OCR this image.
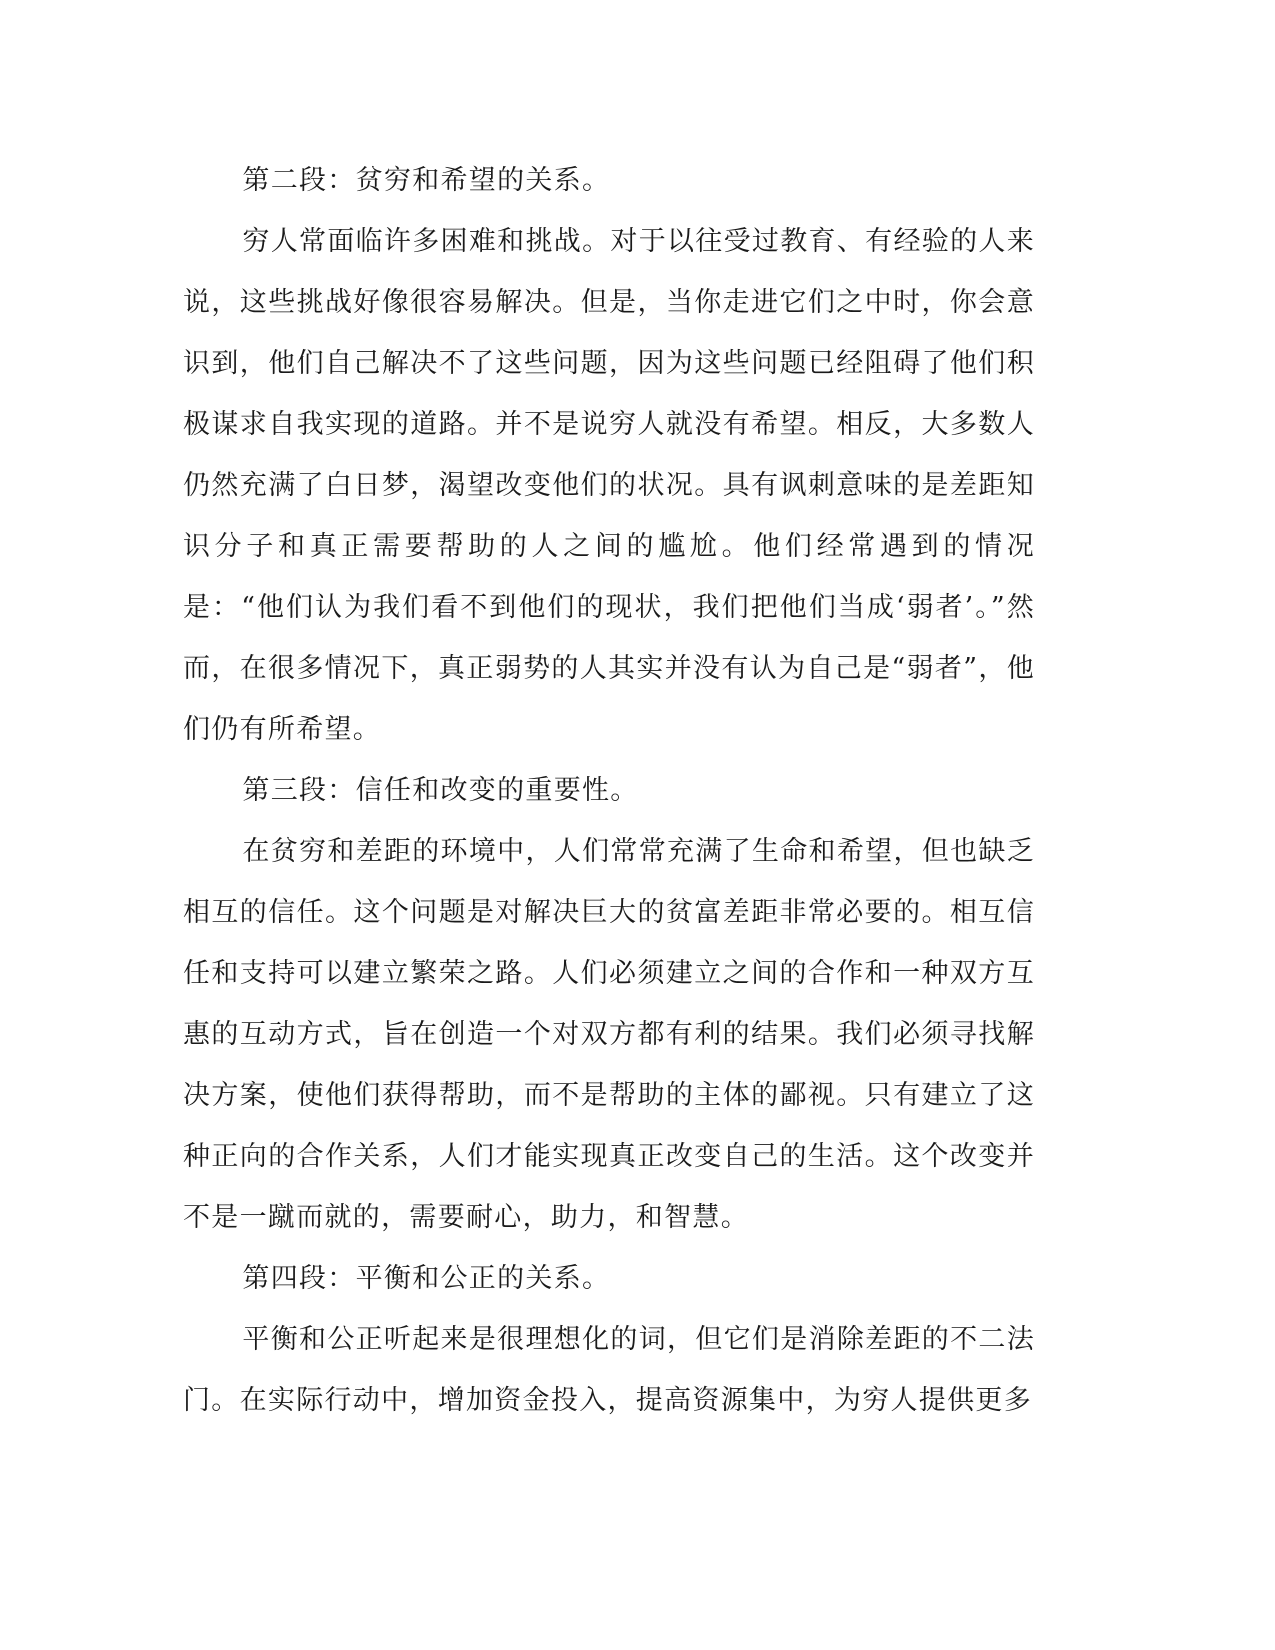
第二段：贫穷和希望的关系。

穷人常面临许多困难和挑战。对于以往受过教育、有经验的人来说，这些挑战好像很容易解决。但是，当你走进它们之中时，你会意识到，他们自己解决不了这些问题，因为这些问题已经阻碍了他们积极谋求自我实现的道路。并不是说穷人就没有希望。相反，大多数人仍然充满了白日梦，渴望改变他们的状况。具有讽刺意味的是差距知识分子和真正需要帮助的人之间的尴尬。他们经常遇到的情况是：“他们认为我们看不到他们的现状，我们把他们当成‘弱者’。”然而，在很多情况下，真正弱势的人其实并没有认为自己是“弱者”，他们仍有所希望。

第三段：信任和改变的重要性。

在贫穷和差距的环境中，人们常常充满了生命和希望，但也缺乏相互的信任。这个问题是对解决巨大的贫富差距非常必要的。相互信任和支持可以建立繁荣之路。人们必须建立之间的合作和一种双方互惠的互动方式，旨在创造一个对双方都有利的结果。我们必须寻找解决方案，使他们获得帮助，而不是帮助的主体的鄙视。只有建立了这种正向的合作关系，人们才能实现真正改变自己的生活。这个改变并不是一蹴而就的，需要耐心，助力，和智慧。

第四段：平衡和公正的关系。

平衡和公正听起来是很理想化的词，但它们是消除差距的不二法门。在实际行动中，增加资金投入，提高资源集中，为穷人提供更多
